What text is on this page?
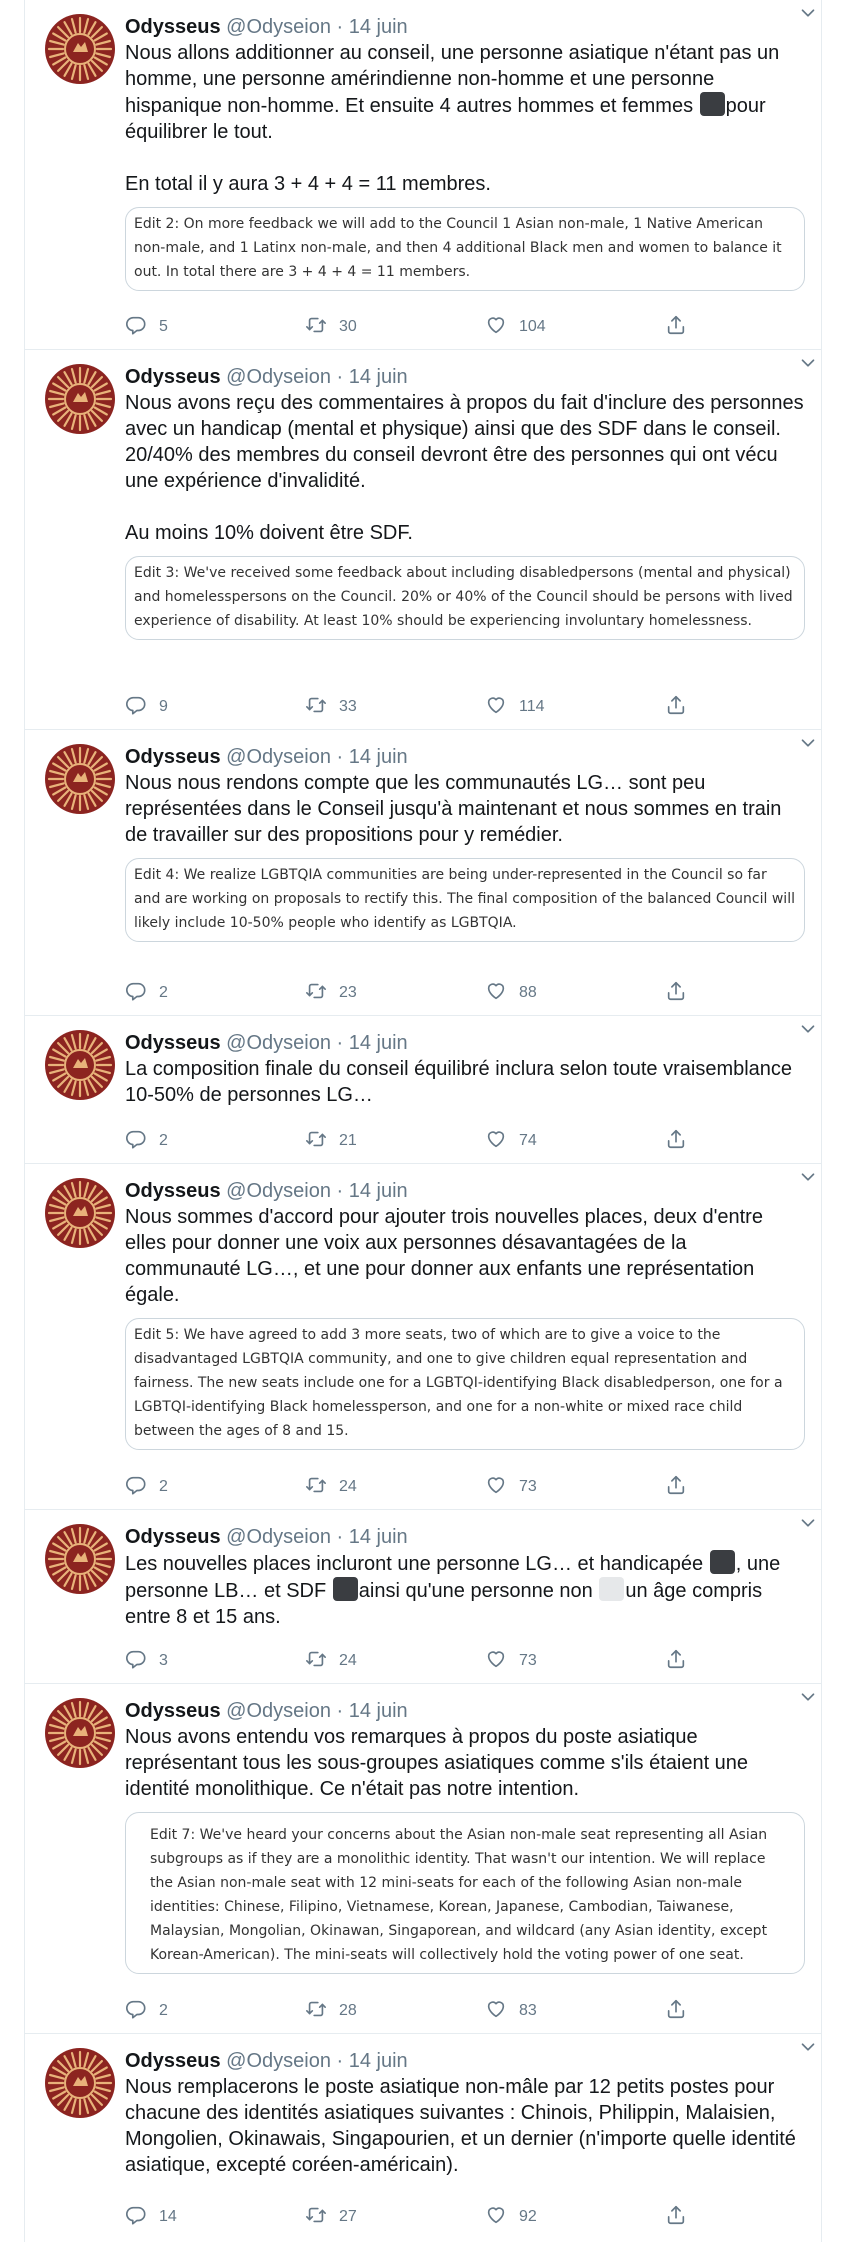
Odysseus @Odyseion · 14 juin
Nous allons additionner au conseil, une personne asiatique n'étant pas un homme, une personne amérindienne non-homme et une personne hispanique non-homme. Et ensuite 4 autres hommes et femmes pour équilibrer le tout.

En total il y aura 3 + 4 + 4 = 11 membres.
Edit 2: On more feedback we will add to the Council 1 Asian non-male, 1 Native American non-male, and 1 Latinx non-male, and then 4 additional Black men and women to balance it out. In total there are 3 + 4 + 4 = 11 members.
5	30	104
Odysseus @Odyseion · 14 juin
Nous avons reçu des commentaires à propos du fait d'inclure des personnes avec un handicap (mental et physique) ainsi que des SDF dans le conseil. 20/40% des membres du conseil devront être des personnes qui ont vécu une expérience d'invalidité.

Au moins 10% doivent être SDF.
Edit 3: We've received some feedback about including disabledpersons (mental and physical) and homelesspersons on the Council. 20% or 40% of the Council should be persons with lived experience of disability. At least 10% should be experiencing involuntary homelessness.
9	33	114
Odysseus @Odyseion · 14 juin
Nous nous rendons compte que les communautés LG… sont peu représentées dans le Conseil jusqu'à maintenant et nous sommes en train de travailler sur des propositions pour y remédier.
Edit 4: We realize LGBTQIA communities are being under-represented in the Council so far and are working on proposals to rectify this. The final composition of the balanced Council will likely include 10-50% people who identify as LGBTQIA.
2	23	88
Odysseus @Odyseion · 14 juin
La composition finale du conseil équilibré inclura selon toute vraisemblance 10-50% de personnes LG…
2	21	74
Odysseus @Odyseion · 14 juin
Nous sommes d'accord pour ajouter trois nouvelles places, deux d'entre elles pour donner une voix aux personnes désavantagées de la communauté LG…, et une pour donner aux enfants une représentation égale.
Edit 5: We have agreed to add 3 more seats, two of which are to give a voice to the disadvantaged LGBTQIA community, and one to give children equal representation and fairness. The new seats include one for a LGBTQI-identifying Black disabledperson, one for a LGBTQI-identifying Black homelessperson, and one for a non-white or mixed race child between the ages of 8 and 15.
2	24	73
Odysseus @Odyseion · 14 juin
Les nouvelles places incluront une personne LG… et handicapée , une personne LB… et SDF ainsi qu'une personne non un âge compris entre 8 et 15 ans.
3	24	73
Odysseus @Odyseion · 14 juin
Nous avons entendu vos remarques à propos du poste asiatique représentant tous les sous-groupes asiatiques comme s'ils étaient une identité monolithique. Ce n'était pas notre intention.
Edit 7: We've heard your concerns about the Asian non-male seat representing all Asian subgroups as if they are a monolithic identity. That wasn't our intention. We will replace the Asian non-male seat with 12 mini-seats for each of the following Asian non-male identities: Chinese, Filipino, Vietnamese, Korean, Japanese, Cambodian, Taiwanese, Malaysian, Mongolian, Okinawan, Singaporean, and wildcard (any Asian identity, except Korean-American). The mini-seats will collectively hold the voting power of one seat.
2	28	83
Odysseus @Odyseion · 14 juin
Nous remplacerons le poste asiatique non-mâle par 12 petits postes pour chacune des identités asiatiques suivantes : Chinois, Philippin, Malaisien, Mongolien, Okinawais, Singapourien, et un dernier (n'importe quelle identité asiatique, excepté coréen-américain).
14	27	92
